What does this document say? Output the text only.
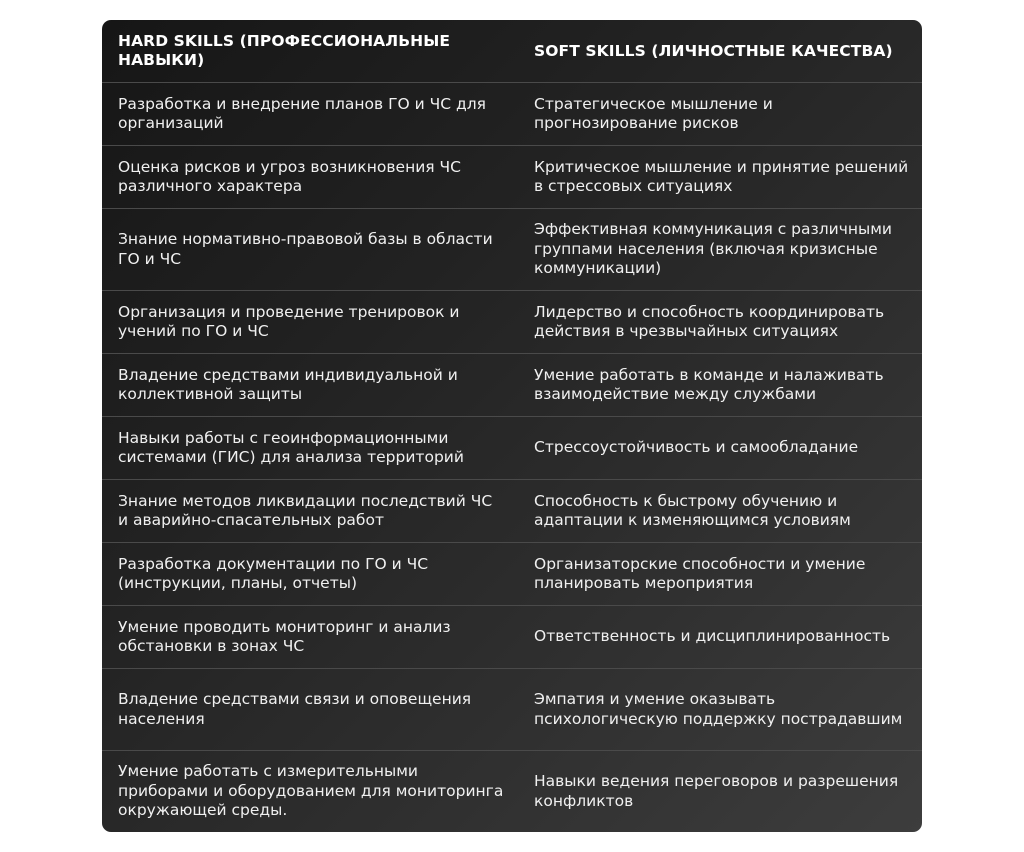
HARD SKILLS (ПРОФЕССИОНАЛЬНЫЕ НАВЫКИ)	SOFT SKILLS (ЛИЧНОСТНЫЕ КАЧЕСТВА)
Разработка и внедрение планов ГО и ЧС для организаций	Стратегическое мышление и прогнозирование рисков
Оценка рисков и угроз возникновения ЧС различного характера	Критическое мышление и принятие решений в стрессовых ситуациях
Знание нормативно-правовой базы в области ГО и ЧС	Эффективная коммуникация с различными группами населения (включая кризисные коммуникации)
Организация и проведение тренировок и учений по ГО и ЧС	Лидерство и способность координировать действия в чрезвычайных ситуациях
Владение средствами индивидуальной и коллективной защиты	Умение работать в команде и налаживать взаимодействие между службами
Навыки работы с геоинформационными системами (ГИС) для анализа территорий	Стрессоустойчивость и самообладание
Знание методов ликвидации последствий ЧС и аварийно-спасательных работ	Способность к быстрому обучению и адаптации к изменяющимся условиям
Разработка документации по ГО и ЧС (инструкции, планы, отчеты)	Организаторские способности и умение планировать мероприятия
Умение проводить мониторинг и анализ обстановки в зонах ЧС	Ответственность и дисциплинированность
Владение средствами связи и оповещения населения	Эмпатия и умение оказывать психологическую поддержку пострадавшим
Умение работать с измерительными приборами и оборудованием для мониторинга окружающей среды.	Навыки ведения переговоров и разрешения конфликтов
